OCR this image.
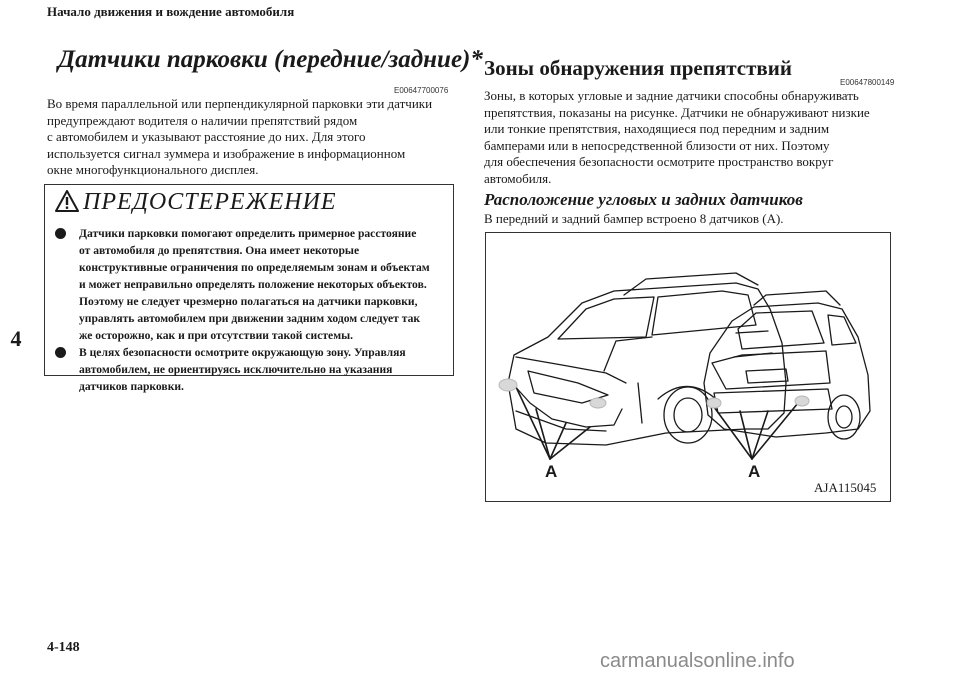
Начало движения и вождение автомобиля
4
Датчики парковки (передние/задние)*
E00647700076
Во время параллельной или перпендикулярной парковки эти датчики
предупреждают водителя о наличии препятствий рядом
с автомобилем и указывают расстояние до них. Для этого
используется сигнал зуммера и изображение в информационном
окне многофункционального дисплея.
ПРЕДОСТЕРЕЖЕНИЕ
Датчики парковки помогают определить примерное расстояние
от автомобиля до препятствия. Она имеет некоторые
конструктивные ограничения по определяемым зонам и объектам
и может неправильно определять положение некоторых объектов.
Поэтому не следует чрезмерно полагаться на датчики парковки,
управлять автомобилем при движении задним ходом следует так
же осторожно, как и при отсутствии такой системы.
В целях безопасности осмотрите окружающую зону. Управляя
автомобилем, не ориентируясь исключительно на указания
датчиков парковки.
Зоны обнаружения препятствий
E00647800149
Зоны, в которых угловые и задние датчики способны обнаруживать
препятствия, показаны на рисунке. Датчики не обнаруживают низкие
или тонкие препятствия, находящиеся под передним и задним
бамперами или в непосредственной близости от них. Поэтому
для обеспечения безопасности осмотрите пространство вокруг
автомобиля.
Расположение угловых и задних датчиков
В передний и задний бампер встроено 8 датчиков (A).
A	A
AJA115045
4-148
carmanualsonline.info
